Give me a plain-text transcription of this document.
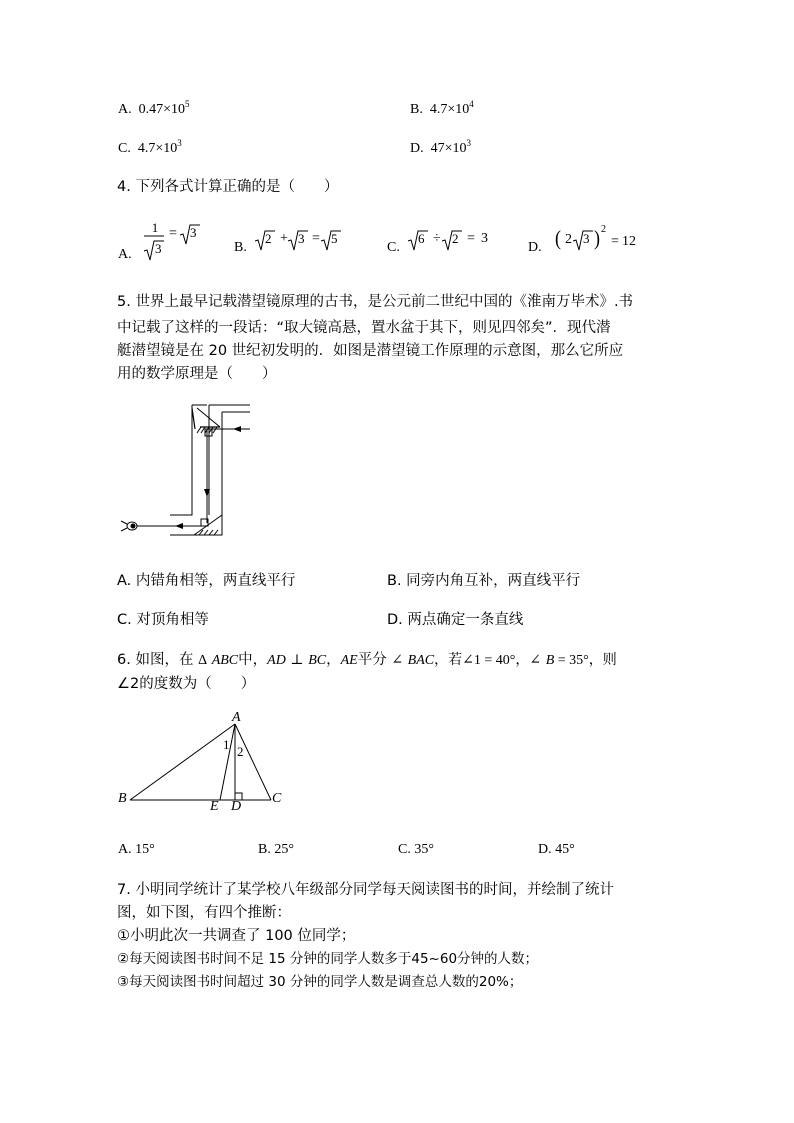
A. $0.47\times 10^5$	B. $4.7\times 10^4$
C. $4.7\times 10^3$	D. $47\times 10^3$
4. 下列各式计算正确的是（　　）
A.
1
3
= 3
B.
2 + 3 = 5
C.
6 ÷ 2 = 3
D. ( 2 3 ) 2
= 12
5. 世界上最早记载潜望镜原理的古书，是公元前二世纪中国的《淮南万毕术》.书
中记载了这样的一段话：“取大镜高悬，置水盆于其下，则见四邻矣”．现代潜
艇潜望镜是在 20 世纪初发明的．如图是潜望镜工作原理的示意图，那么它所应
用的数学原理是（　　）
A. 内错角相等，两直线平行	B. 同旁内角互补，两直线平行
C. 对顶角相等	D. 两点确定一条直线
6. 如图，在 Δ ABC中，AD ⊥ BC，AE平分 ∠ BAC，若∠1 = 40°，∠ B = 35°，则
∠2的度数为（　　）
A
B	C
D
E
1 2
A. 15°	B. 25°	C. 35°	D. 45°
7. 小明同学统计了某学校八年级部分同学每天阅读图书的时间，并绘制了统计
图，如下图，有四个推断：
①小明此次一共调查了 100 位同学；
②每天阅读图书时间不足 15 分钟的同学人数多于45~60分钟的人数；
③每天阅读图书时间超过 30 分钟的同学人数是调查总人数的20%；
